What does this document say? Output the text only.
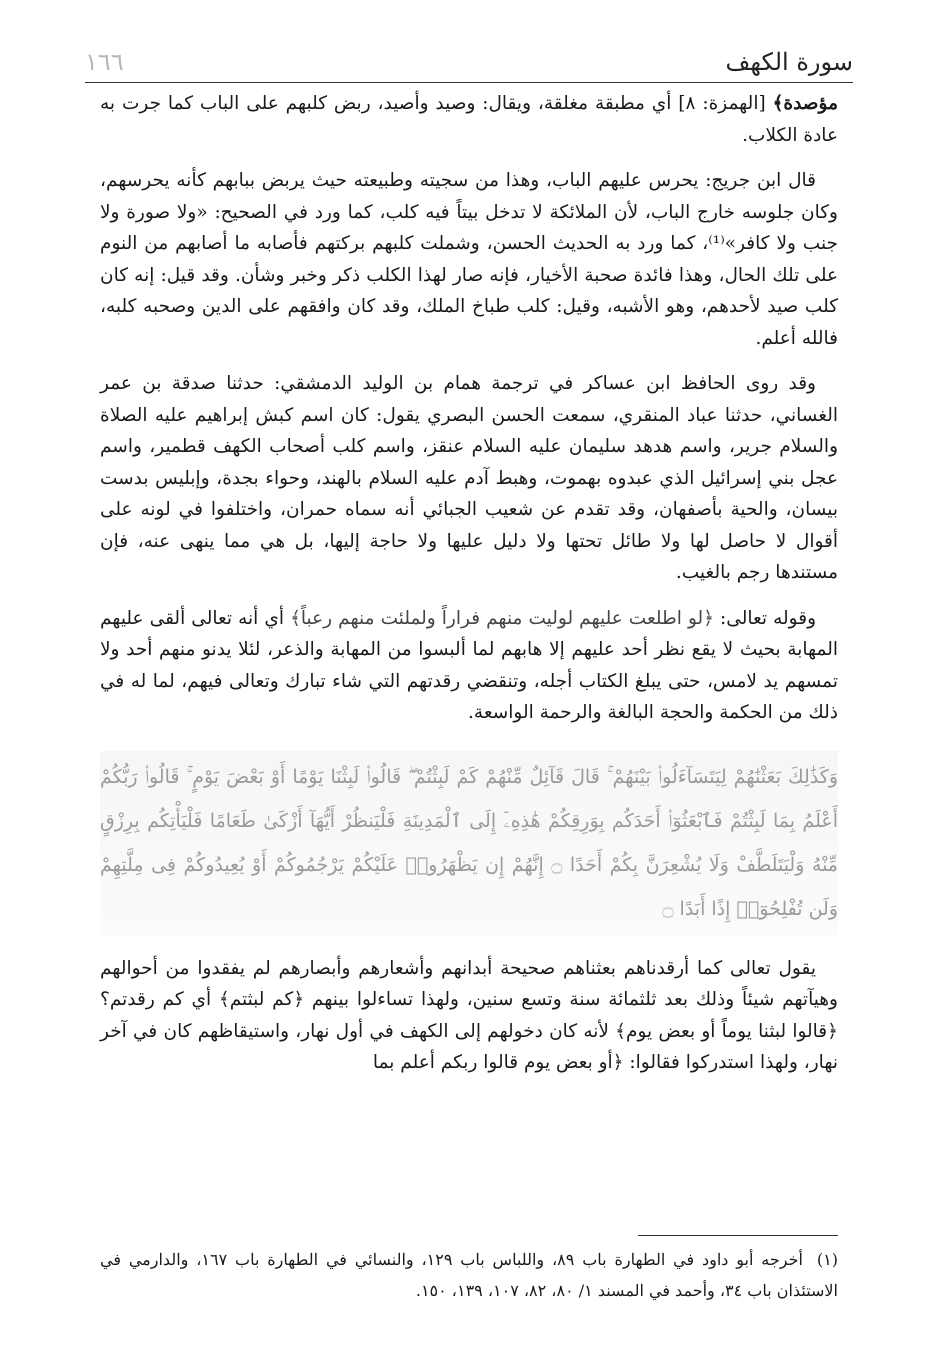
١٦٦	سورة الكهف

مؤصدة﴾ [الهمزة: ٨] أي مطبقة مغلقة، ويقال: وصيد وأصيد، ربض كلبهم على الباب كما جرت به عادة الكلاب.

قال ابن جريج: يحرس عليهم الباب، وهذا من سجيته وطبيعته حيث يربض ببابهم كأنه يحرسهم، وكان جلوسه خارج الباب، لأن الملائكة لا تدخل بيتاً فيه كلب، كما ورد في الصحيح: «ولا صورة ولا جنب ولا كافر»⁽¹⁾، كما ورد به الحديث الحسن، وشملت كلبهم بركتهم فأصابه ما أصابهم من النوم على تلك الحال، وهذا فائدة صحبة الأخيار، فإنه صار لهذا الكلب ذكر وخبر وشأن. وقد قيل: إنه كان كلب صيد لأحدهم، وهو الأشبه، وقيل: كلب طباخ الملك، وقد كان وافقهم على الدين وصحبه كلبه، فالله أعلم.

وقد روى الحافظ ابن عساكر في ترجمة همام بن الوليد الدمشقي: حدثنا صدقة بن عمر الغساني، حدثنا عباد المنقري، سمعت الحسن البصري يقول: كان اسم كبش إبراهيم عليه الصلاة والسلام جرير، واسم هدهد سليمان عليه السلام عنقز، واسم كلب أصحاب الكهف قطمير، واسم عجل بني إسرائيل الذي عبدوه بهموت، وهبط آدم عليه السلام بالهند، وحواء بجدة، وإبليس بدست بيسان، والحية بأصفهان، وقد تقدم عن شعيب الجبائي أنه سماه حمران، واختلفوا في لونه على أقوال لا حاصل لها ولا طائل تحتها ولا دليل عليها ولا حاجة إليها، بل هي مما ينهى عنه، فإن مستندها رجم بالغيب.

وقوله تعالى: ﴿لو اطلعت عليهم لوليت منهم فراراً ولملئت منهم رعباً﴾ أي أنه تعالى ألقى عليهم المهابة بحيث لا يقع نظر أحد عليهم إلا هابهم لما ألبسوا من المهابة والذعر، لئلا يدنو منهم أحد ولا تمسهم يد لامس، حتى يبلغ الكتاب أجله، وتنقضي رقدتهم التي شاء تبارك وتعالى فيهم، لما له في ذلك من الحكمة والحجة البالغة والرحمة الواسعة.

وَكَذَٰلِكَ بَعَثْنَٰهُمْ لِيَتَسَآءَلُوا۟ بَيْنَهُمْ ۚ قَالَ قَآئِلٌ مِّنْهُمْ كَمْ لَبِثْتُمْ ۖ قَالُوا۟ لَبِثْنَا يَوْمًا أَوْ بَعْضَ يَوْمٍ ۚ قَالُوا۟ رَبُّكُمْ أَعْلَمُ بِمَا لَبِثْتُمْ فَٱبْعَثُوٓا۟ أَحَدَكُم بِوَرِقِكُمْ هَٰذِهِۦٓ إِلَى ٱلْمَدِينَةِ فَلْيَنظُرْ أَيُّهَآ أَزْكَىٰ طَعَامًا فَلْيَأْتِكُم بِرِزْقٍ مِّنْهُ وَلْيَتَلَطَّفْ وَلَا يُشْعِرَنَّ بِكُمْ أَحَدًا ۝ إِنَّهُمْ إِن يَظْهَرُوا۟ عَلَيْكُمْ يَرْجُمُوكُمْ أَوْ يُعِيدُوكُمْ فِى مِلَّتِهِمْ وَلَن تُفْلِحُوٓا۟ إِذًا أَبَدًا ۝

يقول تعالى كما أرقدناهم بعثناهم صحيحة أبدانهم وأشعارهم وأبصارهم لم يفقدوا من أحوالهم وهيآتهم شيئاً وذلك بعد ثلثمائة سنة وتسع سنين، ولهذا تساءلوا بينهم ﴿كم لبثتم﴾ أي كم رقدتم؟ ﴿قالوا لبثنا يوماً أو بعض يوم﴾ لأنه كان دخولهم إلى الكهف في أول نهار، واستيقاظهم كان في آخر نهار، ولهذا استدركوا فقالوا: ﴿أو بعض يوم قالوا ربكم أعلم بما

(١)أخرجه أبو داود في الطهارة باب ٨٩، واللباس باب ١٢٩، والنسائي في الطهارة باب ١٦٧، والدارمي في الاستئذان باب ٣٤، وأحمد في المسند ١/ ٨٠، ٨٢، ١٠٧، ١٣٩، ١٥٠.
